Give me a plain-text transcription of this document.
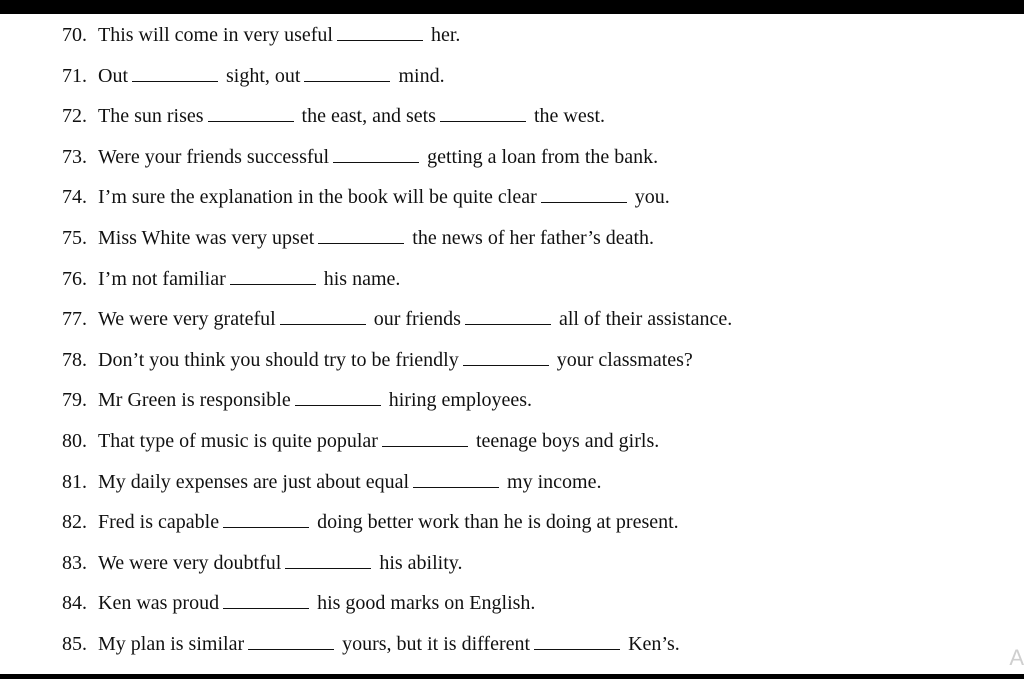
70. This will come in very useful	her.
71. Out	sight, out	mind.
72. The sun rises	the east, and sets	the west.
73. Were your friends successful	getting a loan from the bank.
74. I’m sure the explanation in the book will be quite clear	you.
75. Miss White was very upset	the news of her father’s death.
76. I’m not familiar	his name.
77. We were very grateful	our friends	all of their assistance.
78. Don’t you think you should try to be friendly	your classmates?
79. Mr Green is responsible	hiring employees.
80. That type of music is quite popular	teenage boys and girls.
81. My daily expenses are just about equal	my income.
82. Fred is capable	doing better work than he is doing at present.
83. We were very doubtful	his ability.
84. Ken was proud	his good marks on English.
85. My plan is similar	yours, but it is different	Ken’s.
A
